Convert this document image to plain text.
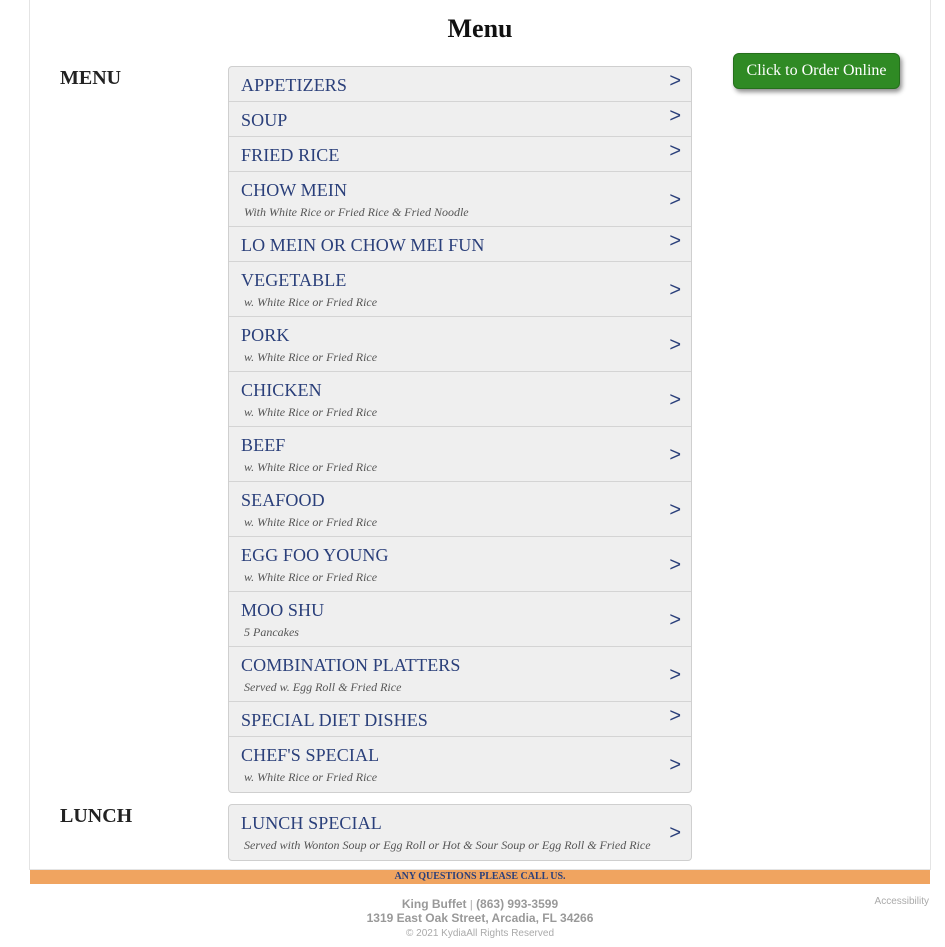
Menu
Click to Order Online
MENU	APPETIZERS	>
SOUP	>
FRIED RICE	>
CHOW MEIN
With White Rice or Fried Rice & Fried Noodle
>
LO MEIN OR CHOW MEI FUN	>
VEGETABLE
w. White Rice or Fried Rice
>
PORK
w. White Rice or Fried Rice
>
CHICKEN
w. White Rice or Fried Rice
>
BEEF
w. White Rice or Fried Rice
>
SEAFOOD
w. White Rice or Fried Rice
>
EGG FOO YOUNG
w. White Rice or Fried Rice
>
MOO SHU
5 Pancakes
>
COMBINATION PLATTERS
Served w. Egg Roll & Fried Rice
>
SPECIAL DIET DISHES	>
CHEF'S SPECIAL
w. White Rice or Fried Rice
>
LUNCH	LUNCH SPECIAL
Served with Wonton Soup or Egg Roll or Hot & Sour Soup or Egg Roll & Fried Rice
>
ANY QUESTIONS PLEASE CALL US.
King Buffet | (863) 993-3599
1319 East Oak Street, Arcadia, FL 34266
© 2021 KydiaAll Rights Reserved
Accessibility
